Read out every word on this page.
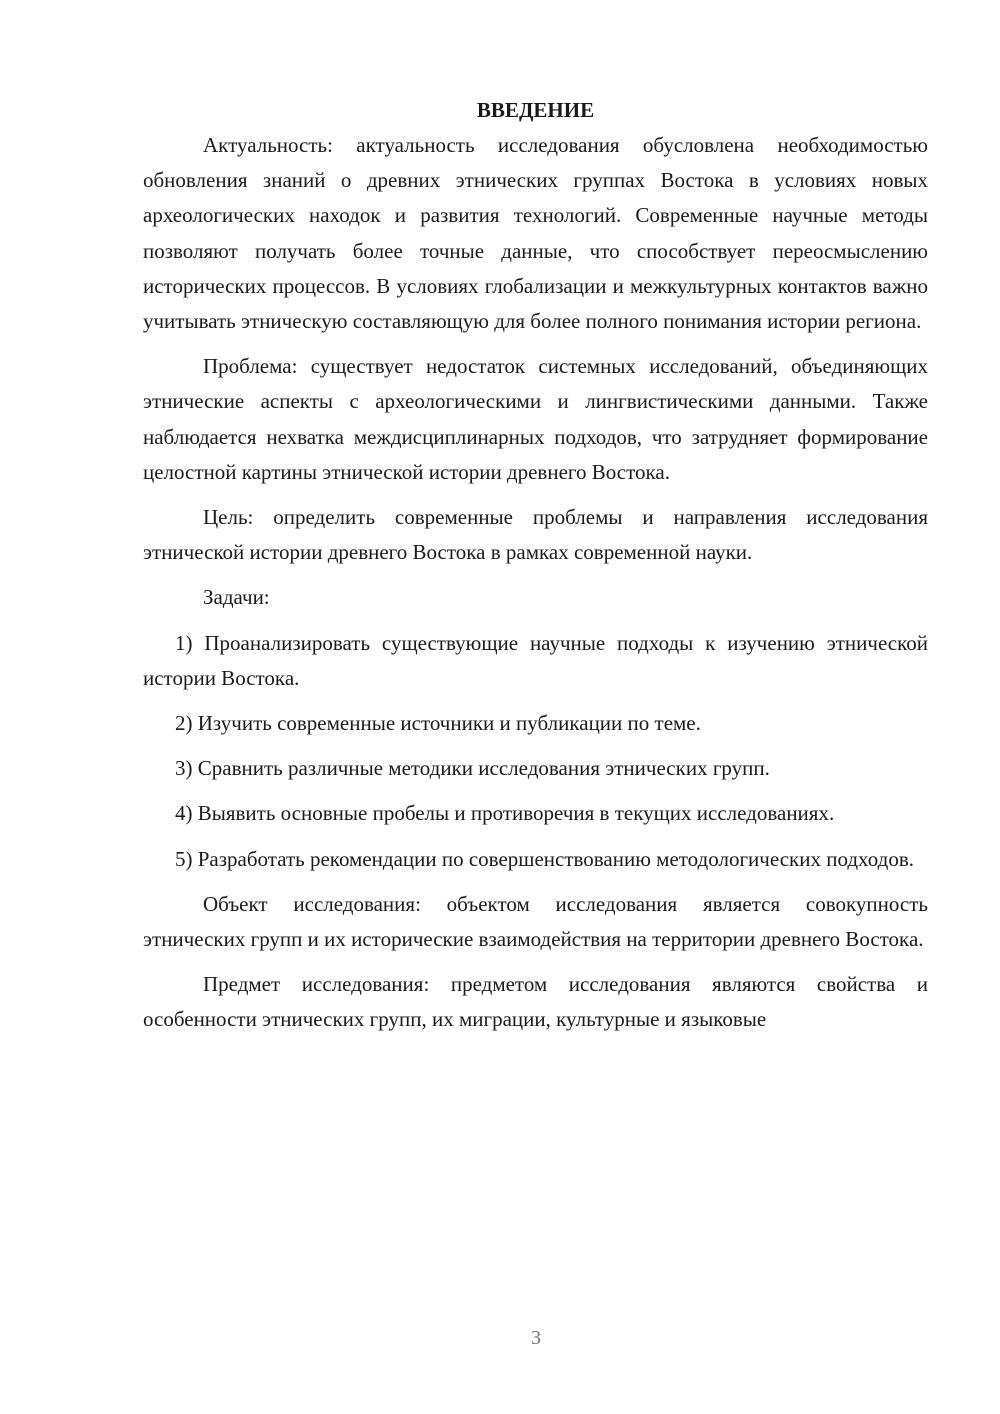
ВВЕДЕНИЕ

Актуальность: актуальность исследования обусловлена необходимостью обновления знаний о древних этнических группах Востока в условиях новых археологических находок и развития технологий. Современные научные методы позволяют получать более точные данные, что способствует переосмыслению исторических процессов. В условиях глобализации и межкультурных контактов важно учитывать этническую составляющую для более полного понимания истории региона.

Проблема: существует недостаток системных исследований, объединяющих этнические аспекты с археологическими и лингвистическими данными. Также наблюдается нехватка междисциплинарных подходов, что затрудняет формирование целостной картины этнической истории древнего Востока.

Цель: определить современные проблемы и направления исследования этнической истории древнего Востока в рамках современной науки.

Задачи:

1) Проанализировать существующие научные подходы к изучению этнической истории Востока.

2) Изучить современные источники и публикации по теме.

3) Сравнить различные методики исследования этнических групп.

4) Выявить основные пробелы и противоречия в текущих исследованиях.

5) Разработать рекомендации по совершенствованию методологических подходов.

Объект исследования: объектом исследования является совокупность этнических групп и их исторические взаимодействия на территории древнего Востока.

Предмет исследования: предметом исследования являются свойства и особенности этнических групп, их миграции, культурные и языковые

3
